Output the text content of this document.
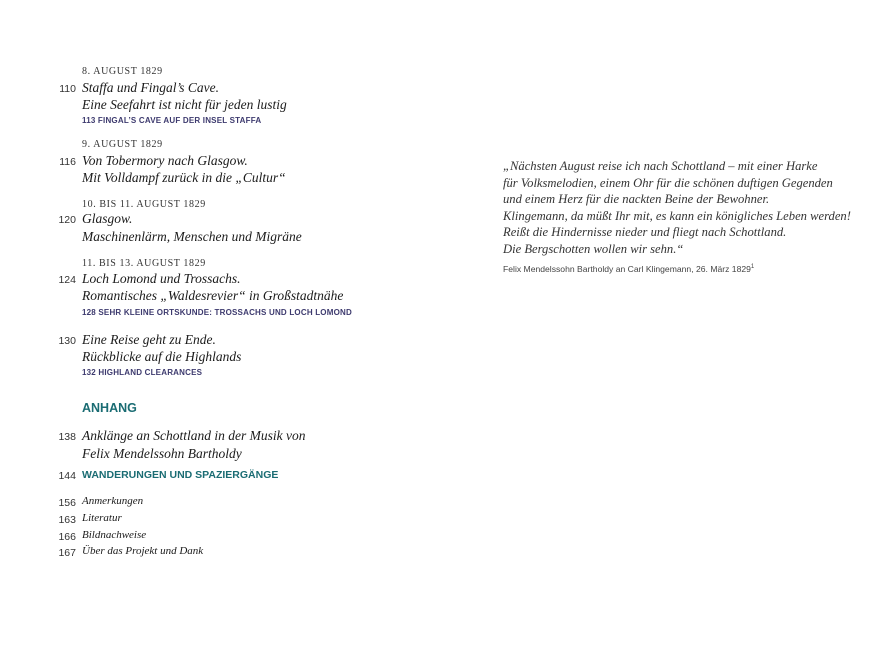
8. AUGUST 1829
110 Staffa und Fingal’s Cave.
Eine Seefahrt ist nicht für jeden lustig
113 FINGAL’S CAVE AUF DER INSEL STAFFA
9. AUGUST 1829
116 Von Tobermory nach Glasgow.
Mit Volldampf zurück in die „Cultur“
10. BIS 11. AUGUST 1829
120 Glasgow.
Maschinenlärm, Menschen und Migräne
11. BIS 13. AUGUST 1829
124 Loch Lomond und Trossachs.
Romantisches „Waldesrevier“ in Großstadtnähe
128 SEHR KLEINE ORTSKUNDE: TROSSACHS UND LOCH LOMOND
130 Eine Reise geht zu Ende.
Rückblicke auf die Highlands
132 HIGHLAND CLEARANCES
ANHANG
138 Anklänge an Schottland in der Musik von
Felix Mendelssohn Bartholdy
144 WANDERUNGEN UND SPAZIERGÄNGE
156 Anmerkungen
163 Literatur
166 Bildnachweise
167 Über das Projekt und Dank
„Nächsten August reise ich nach Schottland – mit einer Harke
für Volksmelodien, einem Ohr für die schönen duftigen Gegenden
und einem Herz für die nackten Beine der Bewohner.
Klingemann, da müßt Ihr mit, es kann ein königliches Leben werden!
Reißt die Hindernisse nieder und fliegt nach Schottland.
Die Bergschotten wollen wir sehn.“
Felix Mendelssohn Bartholdy an Carl Klingemann, 26. März 1829$^1$
